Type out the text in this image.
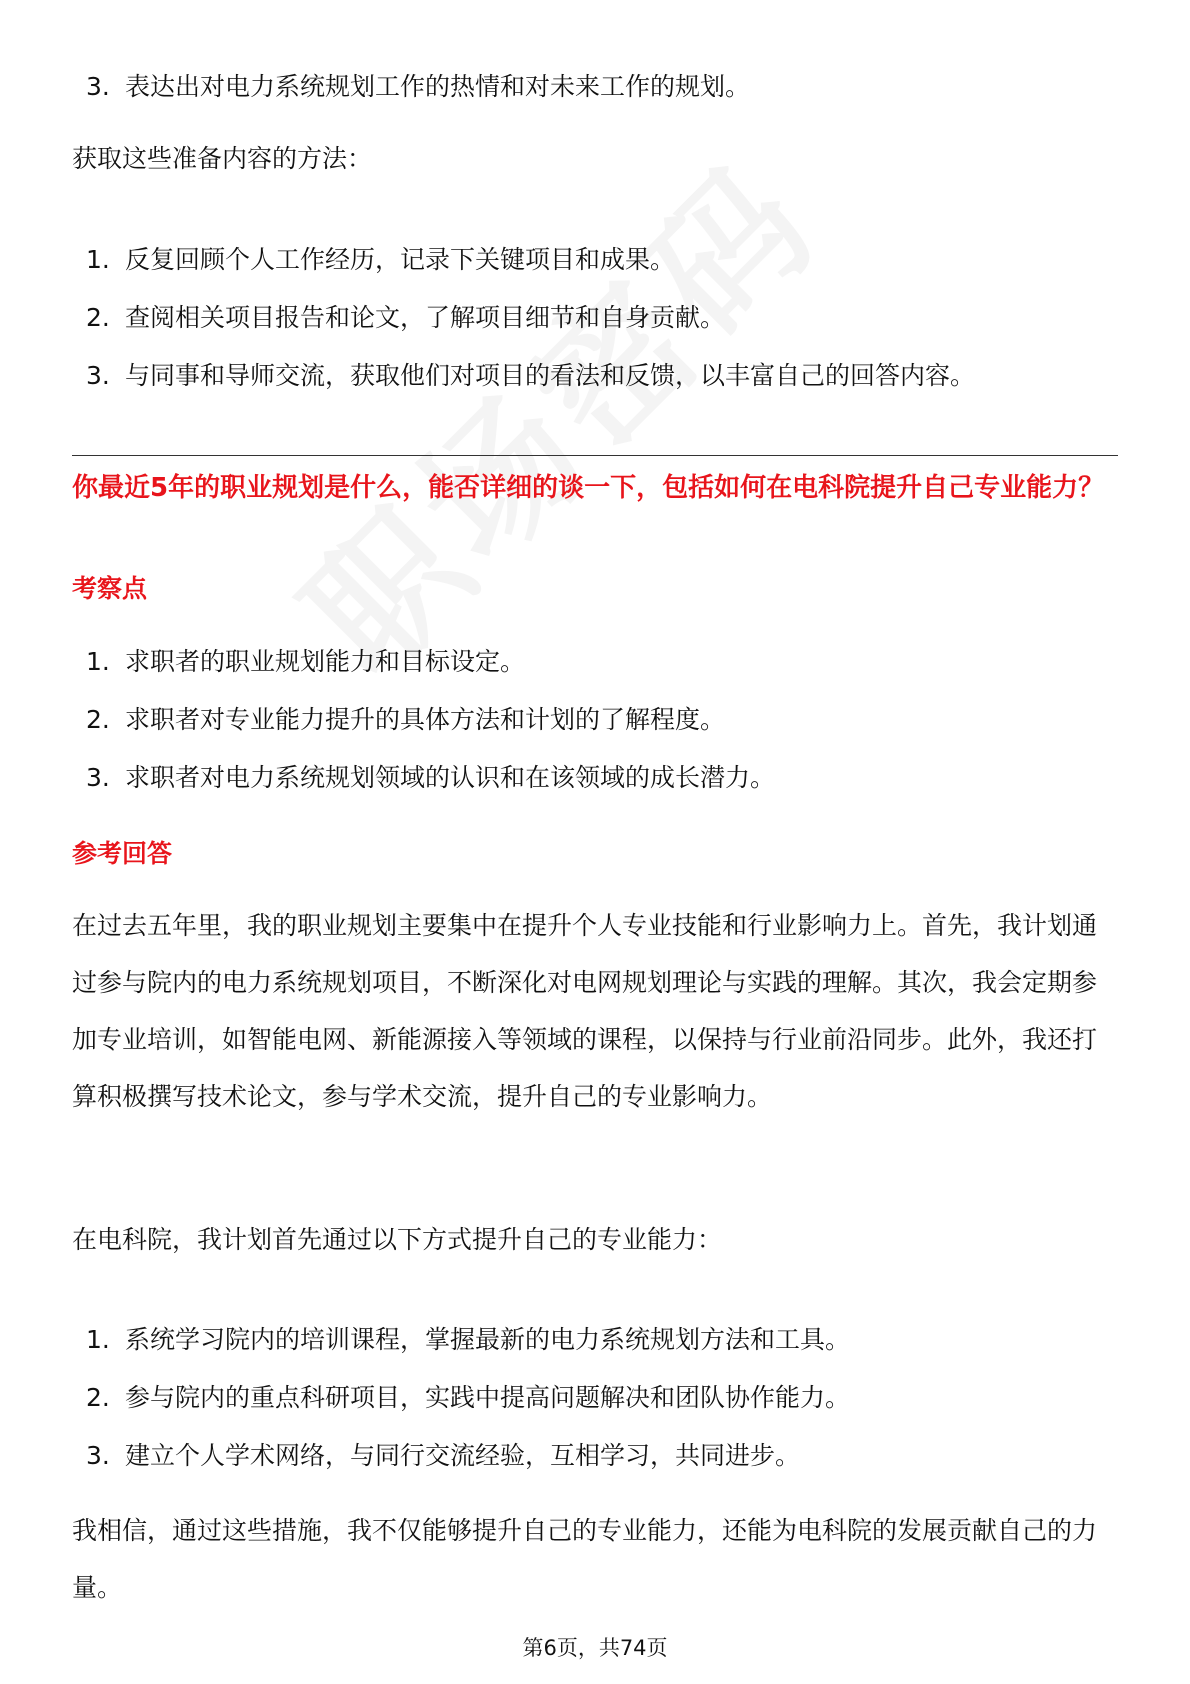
3. 表达出对电力系统规划工作的热情和对未来工作的规划。

获取这些准备内容的方法：

1. 反复回顾个人工作经历，记录下关键项目和成果。
2. 查阅相关项目报告和论文，了解项目细节和自身贡献。
3. 与同事和导师交流，获取他们对项目的看法和反馈，以丰富自己的回答内容。
你最近5年的职业规划是什么，能否详细的谈一下，包括如何在电科院提升自己专业能力？
考察点
1. 求职者的职业规划能力和目标设定。
2. 求职者对专业能力提升的具体方法和计划的了解程度。
3. 求职者对电力系统规划领域的认识和在该领域的成长潜力。
参考回答

在过去五年里，我的职业规划主要集中在提升个人专业技能和行业影响力上。首先，我计划通过参与院内的电力系统规划项目，不断深化对电网规划理论与实践的理解。其次，我会定期参加专业培训，如智能电网、新能源接入等领域的课程，以保持与行业前沿同步。此外，我还打算积极撰写技术论文，参与学术交流，提升自己的专业影响力。

在电科院，我计划首先通过以下方式提升自己的专业能力：

1. 系统学习院内的培训课程，掌握最新的电力系统规划方法和工具。
2. 参与院内的重点科研项目，实践中提高问题解决和团队协作能力。
3. 建立个人学术网络，与同行交流经验，互相学习，共同进步。

我相信，通过这些措施，我不仅能够提升自己的专业能力，还能为电科院的发展贡献自己的力量。

第6页，共74页
